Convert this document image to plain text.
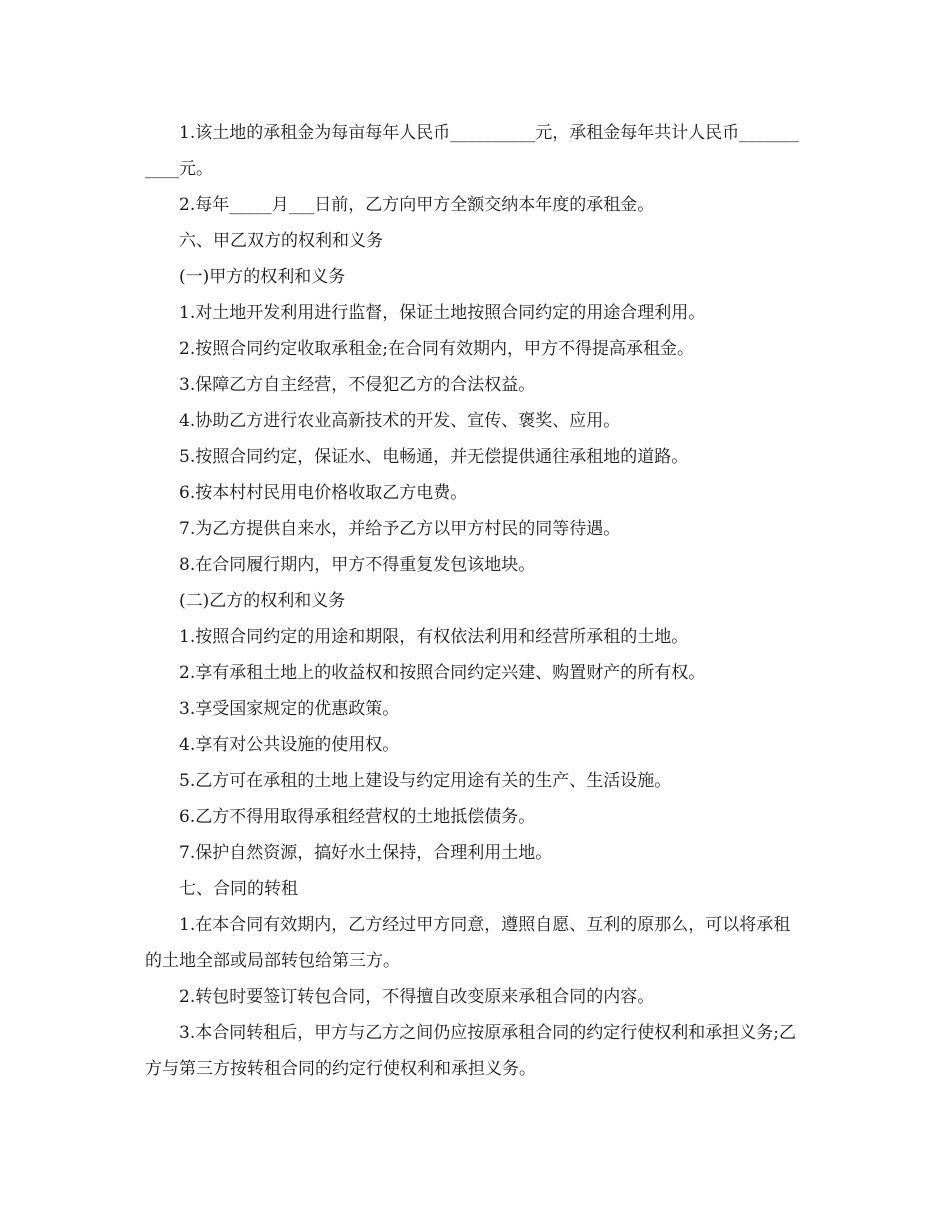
1.该土地的承租金为每亩每年人民币__________元，承租金每年共计人民币___________元。

2.每年_____月___日前，乙方向甲方全额交纳本年度的承租金。

六、甲乙双方的权利和义务

(一)甲方的权利和义务

1.对土地开发利用进行监督，保证土地按照合同约定的用途合理利用。

2.按照合同约定收取承租金;在合同有效期内，甲方不得提高承租金。

3.保障乙方自主经营，不侵犯乙方的合法权益。

4.协助乙方进行农业高新技术的开发、宣传、褒奖、应用。

5.按照合同约定，保证水、电畅通，并无偿提供通往承租地的道路。

6.按本村村民用电价格收取乙方电费。

7.为乙方提供自来水，并给予乙方以甲方村民的同等待遇。

8.在合同履行期内，甲方不得重复发包该地块。

(二)乙方的权利和义务

1.按照合同约定的用途和期限，有权依法利用和经营所承租的土地。

2.享有承租土地上的收益权和按照合同约定兴建、购置财产的所有权。

3.享受国家规定的优惠政策。

4.享有对公共设施的使用权。

5.乙方可在承租的土地上建设与约定用途有关的生产、生活设施。

6.乙方不得用取得承租经营权的土地抵偿债务。

7.保护自然资源，搞好水土保持，合理利用土地。

七、合同的转租

1.在本合同有效期内，乙方经过甲方同意，遵照自愿、互利的原那么，可以将承租的土地全部或局部转包给第三方。

2.转包时要签订转包合同，不得擅自改变原来承租合同的内容。

3.本合同转租后，甲方与乙方之间仍应按原承租合同的约定行使权利和承担义务;乙方与第三方按转租合同的约定行使权利和承担义务。
